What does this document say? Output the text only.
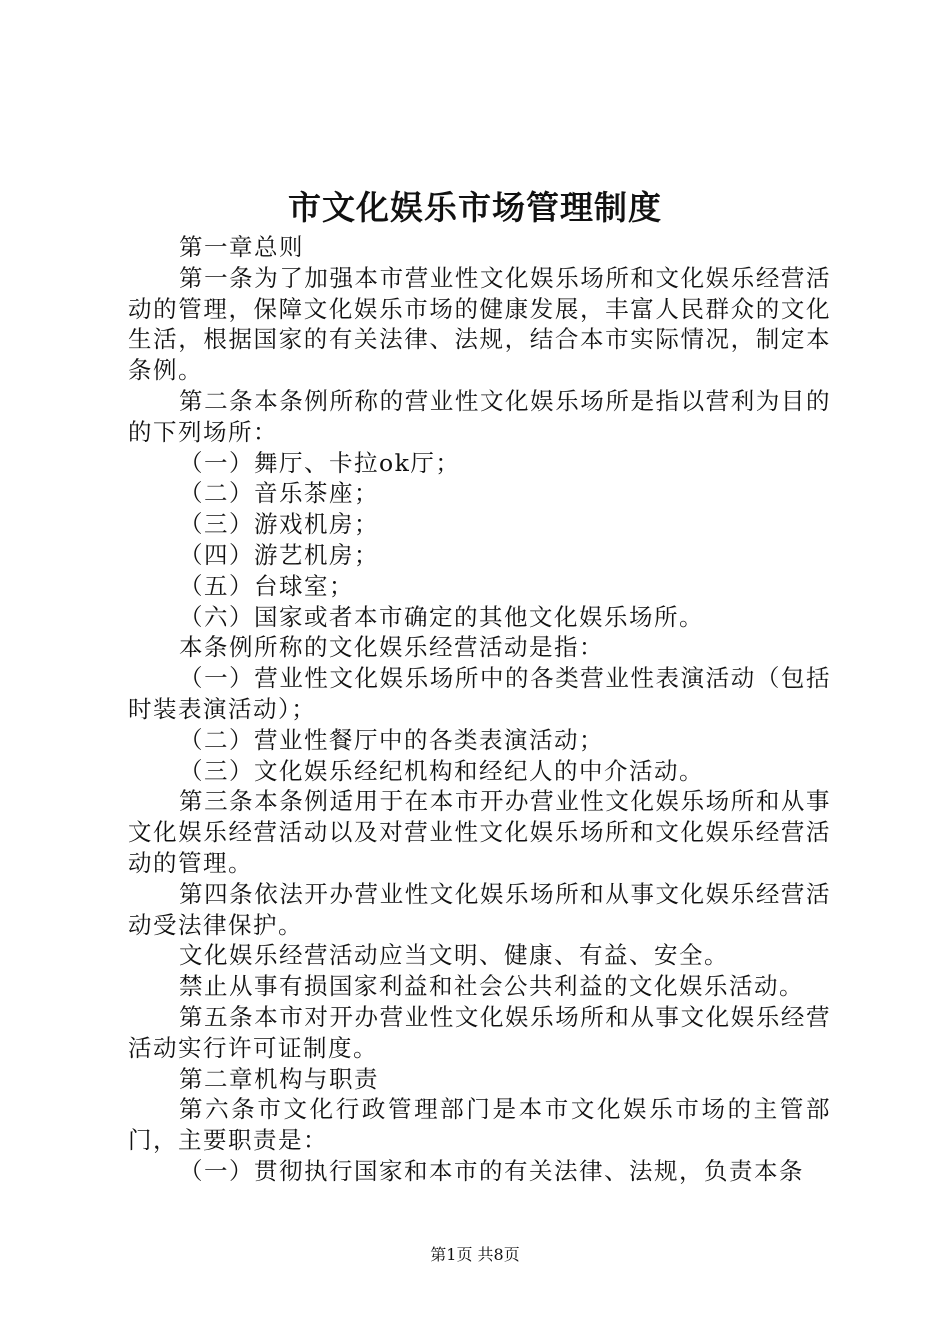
市文化娱乐市场管理制度

第一章总则

第一条为了加强本市营业性文化娱乐场所和文化娱乐经营活动的管理，保障文化娱乐市场的健康发展，丰富人民群众的文化生活，根据国家的有关法律、法规，结合本市实际情况，制定本条例。

第二条本条例所称的营业性文化娱乐场所是指以营利为目的的下列场所：

（一）舞厅、卡拉ok厅；

（二）音乐茶座；

（三）游戏机房；

（四）游艺机房；

（五）台球室；

（六）国家或者本市确定的其他文化娱乐场所。

本条例所称的文化娱乐经营活动是指：

（一）营业性文化娱乐场所中的各类营业性表演活动（包括时装表演活动）；

（二）营业性餐厅中的各类表演活动；

（三）文化娱乐经纪机构和经纪人的中介活动。

第三条本条例适用于在本市开办营业性文化娱乐场所和从事文化娱乐经营活动以及对营业性文化娱乐场所和文化娱乐经营活动的管理。

第四条依法开办营业性文化娱乐场所和从事文化娱乐经营活动受法律保护。

文化娱乐经营活动应当文明、健康、有益、安全。

禁止从事有损国家利益和社会公共利益的文化娱乐活动。

第五条本市对开办营业性文化娱乐场所和从事文化娱乐经营活动实行许可证制度。

第二章机构与职责

第六条市文化行政管理部门是本市文化娱乐市场的主管部门，主要职责是：

（一）贯彻执行国家和本市的有关法律、法规，负责本条

第1页 共8页
